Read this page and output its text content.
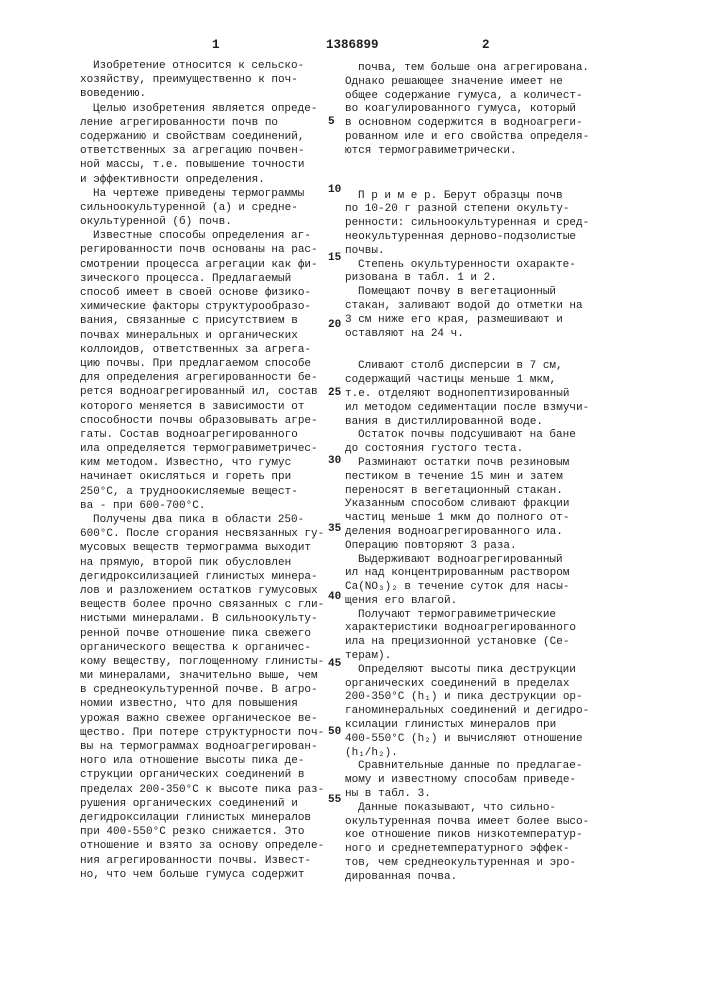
1	1386899	2
Изобретение относится к сельско-
хозяйству, преимущественно к поч-
воведению.
Целью изобретения является опреде-
ление агрегированности почв по
содержанию и свойствам соединений,
ответственных за агрегацию почвен-
ной массы, т.е. повышение точности
и эффективности определения.
На чертеже приведены термограммы
сильноокультуренной (а) и средне-
окультуренной (б) почв.
Известные способы определения аг-
регированности почв основаны на рас-
смотрении процесса агрегации как фи-
зического процесса. Предлагаемый
способ имеет в своей основе физико-
химические факторы структурообразо-
вания, связанные с присутствием в
почвах минеральных и органических
коллоидов, ответственных за агрега-
цию почвы. При предлагаемом способе
для определения агрегированности бе-
рется водноагрегированный ил, состав
которого меняется в зависимости от
способности почвы образовывать агре-
гаты. Состав водноагрегированного
ила определяется термогравиметричес-
ким методом. Известно, что гумус
начинает окисляться и гореть при
250°С, а трудноокисляемые вещест-
ва - при 600-700°С.
Получены два пика в области 250-
600°С. После сгорания несвязанных гу-
мусовых веществ термограмма выходит
на прямую, второй пик обусловлен
дегидроксилизацией глинистых минера-
лов и разложением остатков гумусовых
веществ более прочно связанных с гли-
нистыми минералами. В сильноокульту-
ренной почве отношение пика свежего
органического вещества к органичес-
кому веществу, поглощенному глинисты-
ми минералами, значительно выше, чем
в среднеокультуренной почве. В агро-
номии известно, что для повышения
урожая важно свежее органическое ве-
щество. При потере структурности поч-
вы на термограммах водноагрегирован-
ного ила отношение высоты пика де-
струкции органических соединений в
пределах 200-350°С к высоте пика раз-
рушения органических соединений и
дегидроксилации глинистых минералов
при 400-550°С резко снижается. Это
отношение и взято за основу определе-
ния агрегированности почвы. Извест-
но, что чем больше гумуса содержит
почва, тем больше она агрегирована.
Однако решающее значение имеет не
общее содержание гумуса, а количест-
во коагулированного гумуса, который
в основном содержится в водноагреги-
рованном иле и его свойства определя-
ются термогравиметрически.
П р и м е р. Берут образцы почв
по 10-20 г разной степени окульту-
ренности: сильноокультуренная и сред-
неокультуренная дерново-подзолистые
почвы.
Степень окультуренности охаракте-
ризована в табл. 1 и 2.
Помещают почву в вегетационный
стакан, заливают водой до отметки на
3 см ниже его края, размешивают и
оставляют на 24 ч.
Сливают столб дисперсии в 7 см,
содержащий частицы меньше 1 мкм,
т.е. отделяют воднопептизированный
ил методом седиментации после взмучи-
вания в дистиллированной воде.
Остаток почвы подсушивают на бане
до состояния густого теста.
Разминают остатки почв резиновым
пестиком в течение 15 мин и затем
переносят в вегетационный стакан.
Указанным способом сливают фракции
частиц меньше 1 мкм до полного от-
деления водноагрегированного ила.
Операцию повторяют 3 раза.
Выдерживают водноагрегированный
ил над концентрированным раствором
Ca(NO₃)₂ в течение суток для насы-
щения его влагой.
Получают термогравиметрические
характеристики водноагрегированного
ила на прецизионной установке (Се-
терам).
Определяют высоты пика деструкции
органических соединений в пределах
200-350°C (h₁) и пика деструкции ор-
ганоминеральных соединений и дегидро-
ксилации глинистых минералов при
400-550°C (h₂) и вычисляют отношение
(h₁/h₂).
Сравнительные данные по предлагае-
мому и известному способам приведе-
ны в табл. 3.
Данные показывают, что сильно-
окультуренная почва имеет более высо-
кое отношение пиков низкотемператур-
ного и среднетемпературного эффек-
тов, чем среднеокультуренная и эро-
дированная почва.
5
10
15
20
25
30
35
40
45
50
55
